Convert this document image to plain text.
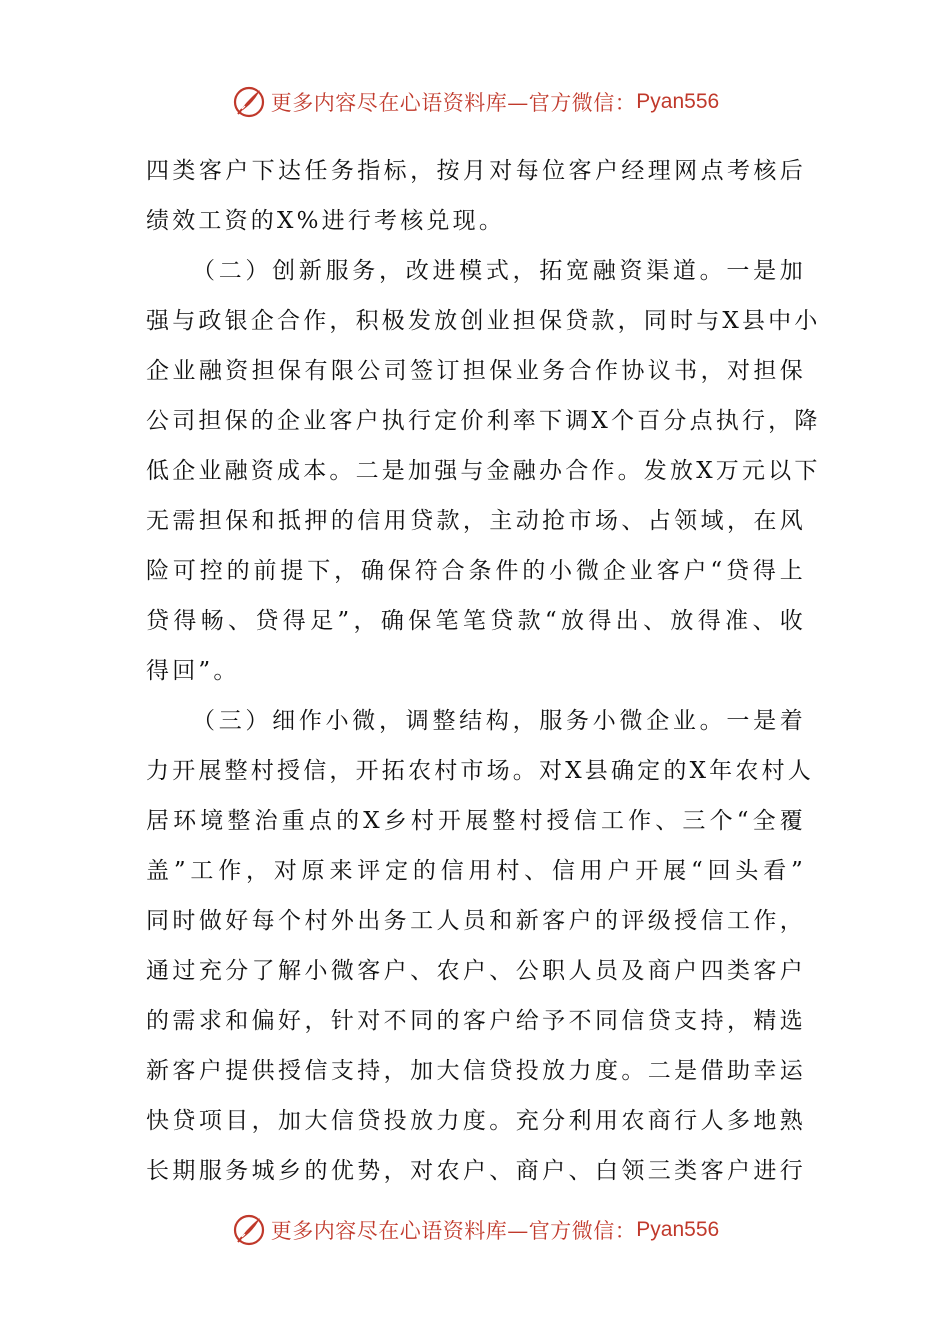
更多内容尽在心语资料库—官方微信： Pyan556
四类客户下达任务指标，按月对每位客户经理网点考核后
绩效工资的X%进行考核兑现。
（二）创新服务，改进模式，拓宽融资渠道。一是加
强与政银企合作，积极发放创业担保贷款，同时与X县中小
企业融资担保有限公司签订担保业务合作协议书，对担保
公司担保的企业客户执行定价利率下调X个百分点执行，降
低企业融资成本。二是加强与金融办合作。发放X万元以下
无需担保和抵押的信用贷款，主动抢市场、占领域，在风
险可控的前提下，确保符合条件的小微企业客户“贷得上
贷得畅、贷得足”，确保笔笔贷款“放得出、放得准、收
得回”。
（三）细作小微，调整结构，服务小微企业。一是着
力开展整村授信，开拓农村市场。对X县确定的X年农村人
居环境整治重点的X乡村开展整村授信工作、三个“全覆
盖”工作，对原来评定的信用村、信用户开展“回头看”
同时做好每个村外出务工人员和新客户的评级授信工作，
通过充分了解小微客户、农户、公职人员及商户四类客户
的需求和偏好，针对不同的客户给予不同信贷支持，精选
新客户提供授信支持，加大信贷投放力度。二是借助幸运
快贷项目，加大信贷投放力度。充分利用农商行人多地熟
长期服务城乡的优势，对农户、商户、白领三类客户进行
更多内容尽在心语资料库—官方微信： Pyan556
